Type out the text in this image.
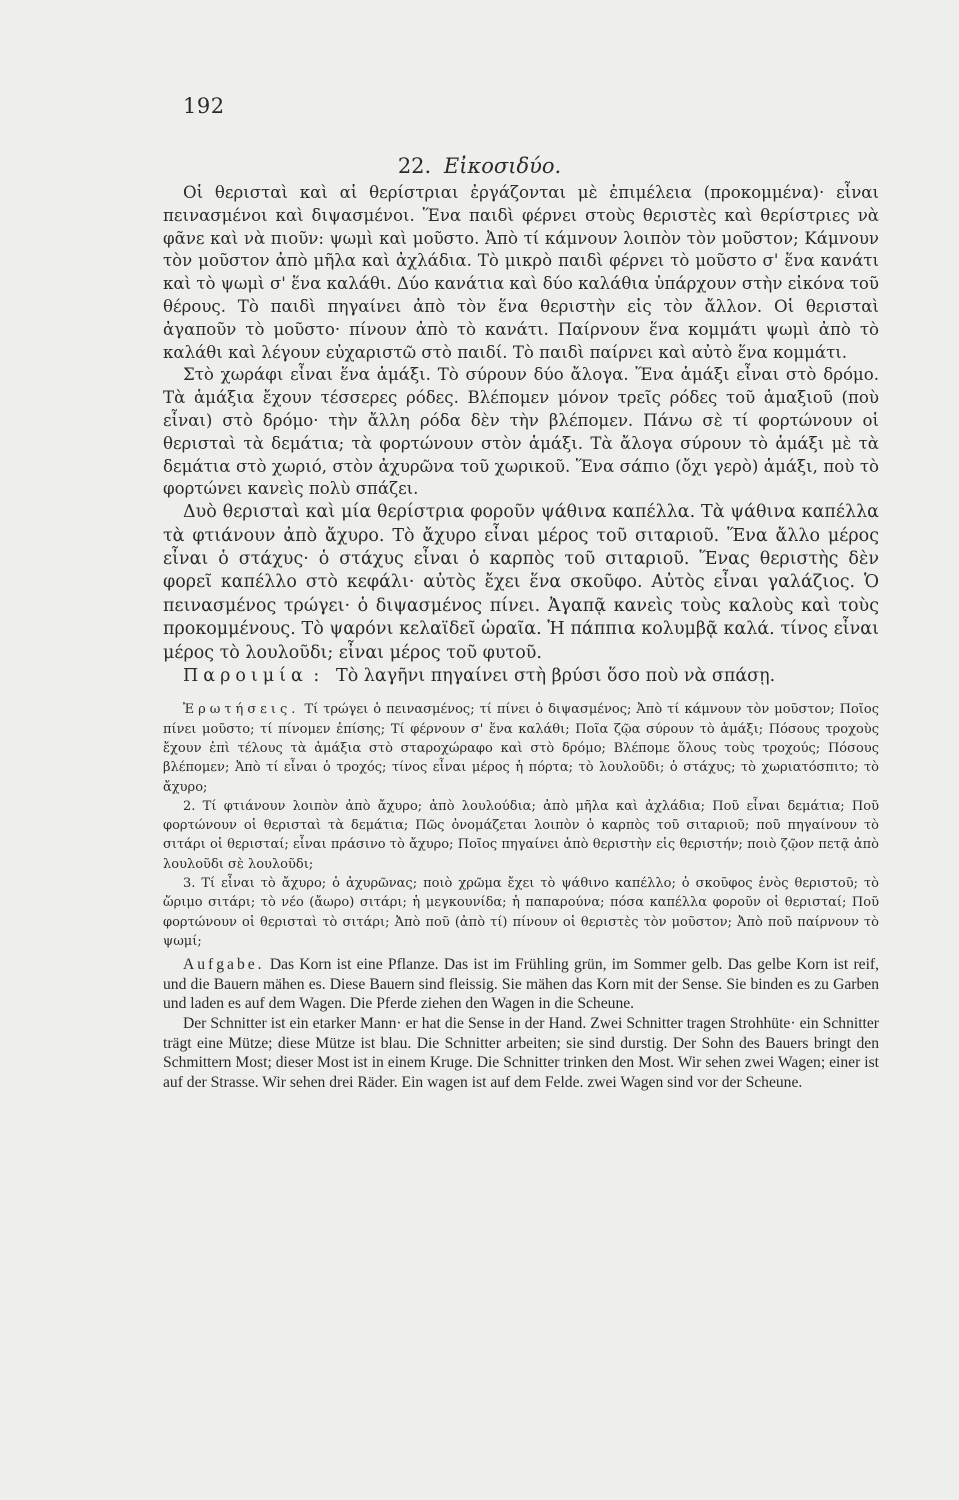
192
22. Εἰκοσιδύο.

Οἱ θερισταὶ καὶ αἱ θερίστριαι ἐργάζονται μὲ ἐπιμέλεια (προκομμένα)· εἶναι πεινασμένοι καὶ διψασμένοι. Ἕνα παιδὶ φέρνει στοὺς θεριστὲς καὶ θερίστριες νὰ φᾶνε καὶ νὰ πιοῦν: ψωμὶ καὶ μοῦστο. Ἀπὸ τί κάμνουν λοιπὸν τὸν μοῦστον; Κάμνουν τὸν μοῦστον ἀπὸ μῆλα καὶ ἀχλάδια. Τὸ μικρὸ παιδὶ φέρνει τὸ μοῦστο σ' ἕνα κανάτι καὶ τὸ ψωμὶ σ' ἕνα καλάθι. Δύο κανάτια καὶ δύο καλάθια ὑπάρχουν στὴν εἰκόνα τοῦ θέρους. Τὸ παιδὶ πηγαίνει ἀπὸ τὸν ἕνα θεριστὴν εἰς τὸν ἄλλον. Οἱ θερισταὶ ἀγαποῦν τὸ μοῦστο· πίνουν ἀπὸ τὸ κανάτι. Παίρνουν ἕνα κομμάτι ψωμὶ ἀπὸ τὸ καλάθι καὶ λέγουν εὐχαριστῶ στὸ παιδί. Τὸ παιδὶ παίρνει καὶ αὐτὸ ἕνα κομμάτι.

Στὸ χωράφι εἶναι ἕνα ἁμάξι. Τὸ σύρουν δύο ἄλογα. Ἕνα ἁμάξι εἶναι στὸ δρόμο. Τὰ ἁμάξια ἔχουν τέσσερες ρόδες. Βλέπομεν μόνον τρεῖς ρόδες τοῦ ἁμαξιοῦ (ποὺ εἶναι) στὸ δρόμο· τὴν ἄλλη ρόδα δὲν τὴν βλέπομεν. Πάνω σὲ τί φορτώνουν οἱ θερισταὶ τὰ δεμάτια; τὰ φορτώνουν στὸν ἁμάξι. Τὰ ἄλογα σύρουν τὸ ἁμάξι μὲ τὰ δεμάτια στὸ χωριό, στὸν ἀχυρῶνα τοῦ χωρικοῦ. Ἕνα σάπιο (ὄχι γερὸ) ἁμάξι, ποὺ τὸ φορτώνει κανεὶς πολὺ σπάζει.

Δυὸ θερισταὶ καὶ μία θερίστρια φοροῦν ψάθινα καπέλλα. Τὰ ψάθινα καπέλλα τὰ φτιάνουν ἀπὸ ἄχυρο. Τὸ ἄχυρο εἶναι μέρος τοῦ σιταριοῦ. Ἕνα ἄλλο μέρος εἶναι ὁ στάχυς· ὁ στάχυς εἶναι ὁ καρπὸς τοῦ σιταριοῦ. Ἕνας θεριστὴς δὲν φορεῖ καπέλλο στὸ κεφάλι· αὐτὸς ἔχει ἕνα σκοῦφο. Αὐτὸς εἶναι γαλάζιος. Ὁ πεινασμένος τρώγει· ὁ διψασμένος πίνει. Ἀγαπᾷ κανεὶς τοὺς καλοὺς καὶ τοὺς προκομμένους. Τὸ ψαρόνι κελαϊδεῖ ὡραῖα. Ἡ πάππια κολυμβᾷ καλά. τίνος εἶναι μέρος τὸ λουλοῦδι; εἶναι μέρος τοῦ φυτοῦ.

Παροιμία : Τὸ λαγῆνι πηγαίνει στὴ βρύσι ὅσο ποὺ νὰ σπάσῃ.

Ἐρωτήσεις. Τί τρώγει ὁ πεινασμένος; τί πίνει ὁ διψασμένος; Ἀπὸ τί κάμνουν τὸν μοῦστον; Ποῖος πίνει μοῦστο; τί πίνομεν ἐπίσης; Τί φέρνουν σ' ἕνα καλάθι; Ποῖα ζῷα σύρουν τὸ ἁμάξι; Πόσους τροχοὺς ἔχουν ἐπὶ τέλους τὰ ἁμάξια στὸ σταροχώραφο καὶ στὸ δρόμο; Βλέπομε ὅλους τοὺς τροχούς; Πόσους βλέπομεν; Ἀπὸ τί εἶναι ὁ τροχός; τίνος εἶναι μέρος ἡ πόρτα; τὸ λουλοῦδι; ὁ στάχυς; τὸ χωριατόσπιτο; τὸ ἄχυρο;

2. Τί φτιάνουν λοιπὸν ἀπὸ ἄχυρο; ἀπὸ λουλούδια; ἀπὸ μῆλα καὶ ἀχλάδια; Ποῦ εἶναι δεμάτια; Ποῦ φορτώνουν οἱ θερισταὶ τὰ δεμάτια; Πῶς ὀνομάζεται λοιπὸν ὁ καρπὸς τοῦ σιταριοῦ; ποῦ πηγαίνουν τὸ σιτάρι οἱ θερισταί; εἶναι πράσινο τὸ ἄχυρο; Ποῖος πηγαίνει ἀπὸ θεριστὴν εἰς θεριστήν; ποιὸ ζῷον πετᾷ ἀπὸ λουλοῦδι σὲ λουλοῦδι;

3. Τί εἶναι τὸ ἄχυρο; ὁ ἀχυρῶνας; ποιὸ χρῶμα ἔχει τὸ ψάθινο καπέλλο; ὁ σκοῦφος ἑνὸς θεριστοῦ; τὸ ὥριμο σιτάρι; τὸ νέο (ἄωρο) σιτάρι; ἡ μεγκουνίδα; ἡ παπαρούνα; πόσα καπέλλα φοροῦν οἱ θερισταί; Ποῦ φορτώνουν οἱ θερισταὶ τὸ σιτάρι; Ἀπὸ ποῦ (ἀπὸ τί) πίνουν οἱ θεριστὲς τὸν μοῦστον; Ἀπὸ ποῦ παίρνουν τὸ ψωμί;

Aufgabe. Das Korn ist eine Pflanze. Das ist im Frühling grün, im Sommer gelb. Das gelbe Korn ist reif, und die Bauern mähen es. Diese Bauern sind fleissig. Sie mähen das Korn mit der Sense. Sie binden es zu Garben und laden es auf dem Wagen. Die Pferde ziehen den Wagen in die Scheune.

Der Schnitter ist ein etarker Mann· er hat die Sense in der Hand. Zwei Schnitter tragen Strohhüte· ein Schnitter trägt eine Mütze; diese Mütze ist blau. Die Schnitter arbeiten; sie sind durstig. Der Sohn des Bauers bringt den Schmittern Most; dieser Most ist in einem Kruge. Die Schnitter trinken den Most. Wir sehen zwei Wagen; einer ist auf der Strasse. Wir sehen drei Räder. Ein wagen ist auf dem Felde. zwei Wagen sind vor der Scheune.
